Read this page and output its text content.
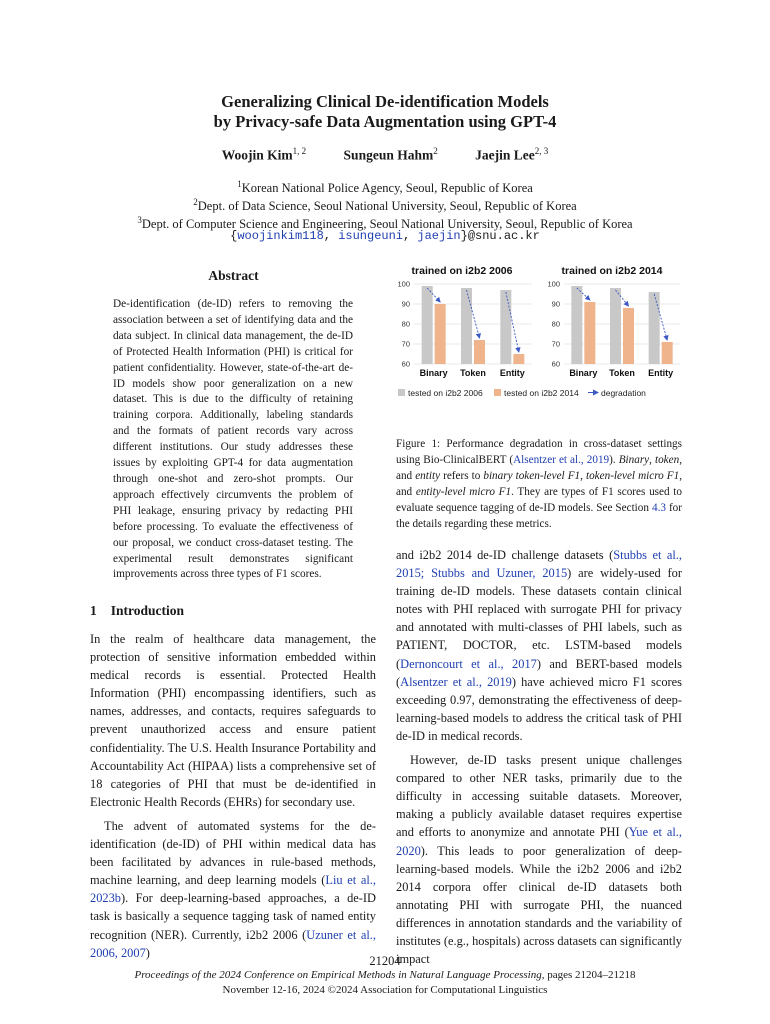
Generalizing Clinical De-identification Models
by Privacy-safe Data Augmentation using GPT-4
Woojin Kim$^{1, 2}$	Sungeun Hahm$^2$	Jaejin Lee$^{2, 3}$
$^1$Korean National Police Agency, Seoul, Republic of Korea
$^2$Dept. of Data Science, Seoul National University, Seoul, Republic of Korea
$^3$Dept. of Computer Science and Engineering, Seoul National University, Seoul, Republic of Korea
{woojinkim118, isungeuni, jaejin}@snu.ac.kr
Abstract
De-identification (de-ID) refers to removing the association between a set of identifying data and the data subject. In clinical data management, the de-ID of Protected Health Information (PHI) is critical for patient confidentiality. However, state-of-the-art de-ID models show poor generalization on a new dataset. This is due to the difficulty of retaining training corpora. Additionally, labeling standards and the formats of patient records vary across different institutions. Our study addresses these issues by exploiting GPT-4 for data augmentation through one-shot and zero-shot prompts. Our approach effectively circumvents the problem of PHI leakage, ensuring privacy by redacting PHI before processing. To evaluate the effectiveness of our proposal, we conduct cross-dataset testing. The experimental result demonstrates significant improvements across three types of F1 scores.
1 Introduction

In the realm of healthcare data management, the protection of sensitive information embedded within medical records is essential. Protected Health Information (PHI) encompassing identifiers, such as names, addresses, and contacts, requires safeguards to prevent unauthorized access and ensure patient confidentiality. The U.S. Health Insurance Portability and Accountability Act (HIPAA) lists a comprehensive set of 18 categories of PHI that must be de-identified in Electronic Health Records (EHRs) for secondary use.

The advent of automated systems for the de-identification (de-ID) of PHI within medical data has been facilitated by advances in rule-based methods, machine learning, and deep learning models (Liu et al., 2023b). For deep-learning-based approaches, a de-ID task is basically a sequence tagging task of named entity recognition (NER). Currently, i2b2 2006 (Uzuner et al., 2006, 2007)

trained on i2b2 2006
60
70
80
90
100
Binary Token Entity
trained on i2b2 2014
60
70
80
90
100
Binary Token Entity
tested on i2b2 2006	tested on i2b2 2014	degradation
Figure 1: Performance degradation in cross-dataset settings using Bio-ClinicalBERT (Alsentzer et al., 2019). Binary, token, and entity refers to binary token-level F1, token-level micro F1, and entity-level micro F1. They are types of F1 scores used to evaluate sequence tagging of de-ID models. See Section 4.3 for the details regarding these metrics.

and i2b2 2014 de-ID challenge datasets (Stubbs et al., 2015; Stubbs and Uzuner, 2015) are widely-used for training de-ID models. These datasets contain clinical notes with PHI replaced with surrogate PHI for privacy and annotated with multi-classes of PHI labels, such as PATIENT, DOCTOR, etc. LSTM-based models (Dernoncourt et al., 2017) and BERT-based models (Alsentzer et al., 2019) have achieved micro F1 scores exceeding 0.97, demonstrating the effectiveness of deep-learning-based models to address the critical task of PHI de-ID in medical records.

However, de-ID tasks present unique challenges compared to other NER tasks, primarily due to the difficulty in accessing suitable datasets. Moreover, making a publicly available dataset requires expertise and efforts to anonymize and annotate PHI (Yue et al., 2020). This leads to poor generalization of deep-learning-based models. While the i2b2 2006 and i2b2 2014 corpora offer clinical de-ID datasets both annotating PHI with surrogate PHI, the nuanced differences in annotation standards and the variability of institutes (e.g., hospitals) across datasets can significantly impact

21204
Proceedings of the 2024 Conference on Empirical Methods in Natural Language Processing, pages 21204–21218
November 12-16, 2024 ©2024 Association for Computational Linguistics
